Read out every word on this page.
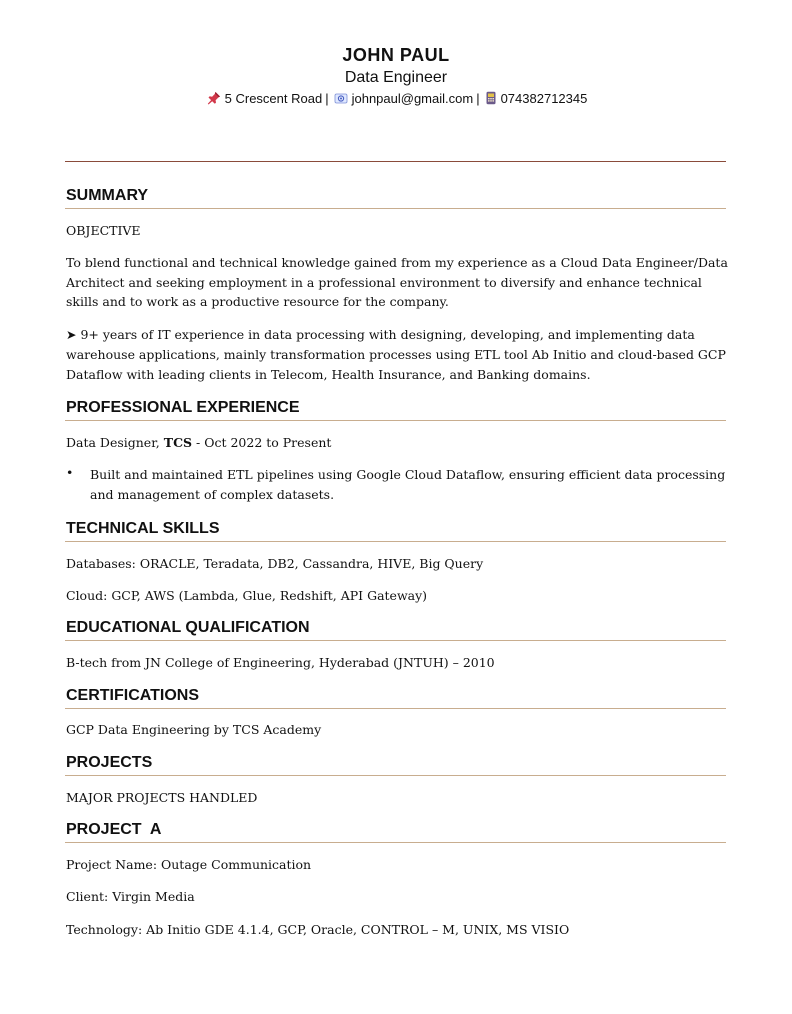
JOHN PAUL
Data Engineer
5 Crescent Road | johnpaul@gmail.com | 074382712345
SUMMARY
OBJECTIVE
To blend functional and technical knowledge gained from my experience as a Cloud Data Engineer/Data Architect and seeking employment in a professional environment to diversify and enhance technical skills and to work as a productive resource for the company.
➤ 9+ years of IT experience in data processing with designing, developing, and implementing data warehouse applications, mainly transformation processes using ETL tool Ab Initio and cloud-based GCP Dataflow with leading clients in Telecom, Health Insurance, and Banking domains.
PROFESSIONAL EXPERIENCE
Data Designer, TCS - Oct 2022 to Present
• Built and maintained ETL pipelines using Google Cloud Dataflow, ensuring efficient data processing and management of complex datasets.
TECHNICAL SKILLS
Databases: ORACLE, Teradata, DB2, Cassandra, HIVE, Big Query
Cloud: GCP, AWS (Lambda, Glue, Redshift, API Gateway)
EDUCATIONAL QUALIFICATION
B-tech from JN College of Engineering, Hyderabad (JNTUH) – 2010
CERTIFICATIONS
GCP Data Engineering by TCS Academy
PROJECTS
MAJOR PROJECTS HANDLED
PROJECT  A
Project Name: Outage Communication
Client: Virgin Media
Technology: Ab Initio GDE 4.1.4, GCP, Oracle, CONTROL – M, UNIX, MS VISIO
